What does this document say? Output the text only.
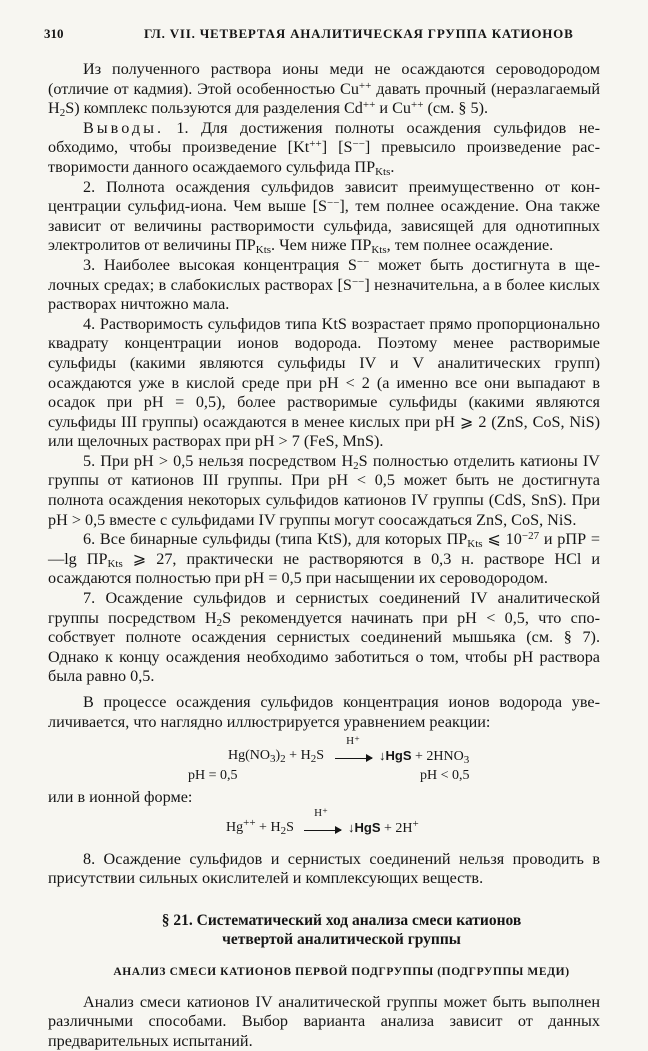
310	ГЛ. VII. ЧЕТВЕРТАЯ АНАЛИТИЧЕСКАЯ ГРУППА КАТИОНОВ

Из полученного раствора ионы меди не осаждаются сероводородом (отличие от кадмия). Этой особенностью Cu++ давать прочный (неразлагаемый $H_2S$) комплекс пользуются для разделения Cd++ и Cu++ (см. § 5).

Выводы. 1. Для достижения полноты осаждения сульфидов необходимо, чтобы произведение [Kt++] [S−−] превысило произведение растворимости данного осаждаемого сульфида $ПР_{Kts}$.

2. Полнота осаждения сульфидов зависит преимущественно от концентрации сульфид-иона. Чем выше [S−−], тем полнее осаждение. Она также зависит от величины растворимости сульфида, зависящей для однотипных электролитов от величины $ПР_{Kts}$. Чем ниже $ПР_{Kts}$, тем полнее осаждение.

3. Наиболее высокая концентрация S−− может быть достигнута в щелочных средах; в слабокислых растворах [S−−] незначительна, а в более кислых растворах ничтожно мала.

4. Растворимость сульфидов типа KtS возрастает прямо пропорционально квадрату концентрации ионов водорода. Поэтому менее растворимые сульфиды (какими являются сульфиды IV и V аналитических групп) осаждаются уже в кислой среде при pH < 2 (а именно все они выпадают в осадок при pH = 0,5), более растворимые сульфиды (какими являются сульфиды III группы) осаждаются в менее кислых при pH ⩾ 2 (ZnS, CoS, NiS) или щелочных растворах при pH > 7 (FeS, MnS).

5. При pH > 0,5 нельзя посредством $H_2S$ полностью отделить катионы IV группы от катионов III группы. При pH < 0,5 может быть не достигнута полнота осаждения некоторых сульфидов катионов IV группы (CdS, SnS). При pH > 0,5 вместе с сульфидами IV группы могут соосаждаться ZnS, CoS, NiS.

6. Все бинарные сульфиды (типа KtS), для которых $ПР_{Kts}$ ⩽ $10^{-27}$ и pПР = —lg $ПР_{Kts}$ ⩾ 27, практически не растворяются в 0,3 н. растворе HCl и осаждаются полностью при pH = 0,5 при насыщении их сероводородом.

7. Осаждение сульфидов и сернистых соединений IV аналитической группы посредством $H_2S$ рекомендуется начинать при pH < 0,5, что способствует полноте осаждения сернистых соединений мышьяка (см. § 7). Однако к концу осаждения необходимо заботиться о том, чтобы pH раствора была равно 0,5.

В процессе осаждения сульфидов концентрация ионов водорода увеличивается, что наглядно иллюстрируется уравнением реакции:

$Hg(NO_3)_2 + H_2S$
H⁺
↓HgS + $2HNO_3$
pH = 0,5	pH < 0,5

или в ионной форме:

$Hg^{++} + H_2S$
H⁺
↓HgS + 2H+

8. Осаждение сульфидов и сернистых соединений нельзя проводить в присутствии сильных окислителей и комплексующих веществ.

§ 21. Систематический ход анализа смеси катионов

четвертой аналитической группы

АНАЛИЗ СМЕСИ КАТИОНОВ ПЕРВОЙ ПОДГРУППЫ (ПОДГРУППЫ МЕДИ)

Анализ смеси катионов IV аналитической группы может быть выполнен различными способами. Выбор варианта анализа зависит от данных предварительных испытаний.
